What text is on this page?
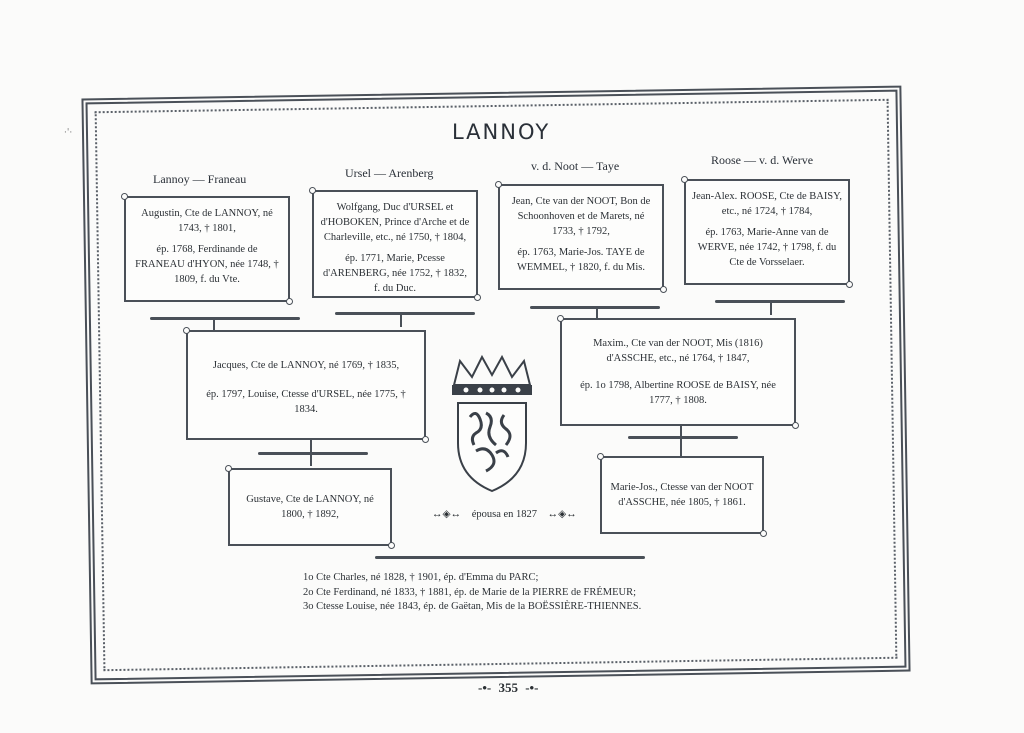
·'·	LANNOY
Lannoy — Franeau	Ursel — Arenberg	v. d. Noot — Taye	Roose — v. d. Werve

Augustin, Cte de LANNOY, né 1743, † 1801,

ép. 1768, Ferdinande de FRANEAU d'HYON, née 1748, † 1809, f. du Vte.

Wolfgang, Duc d'URSEL et d'HOBOKEN, Prince d'Arche et de Charleville, etc., né 1750, † 1804,

ép. 1771, Marie, Pcesse d'ARENBERG, née 1752, † 1832, f. du Duc.

Jean, Cte van der NOOT, Bon de Schoonhoven et de Marets, né 1733, † 1792,

ép. 1763, Marie-Jos. TAYE de WEMMEL, † 1820, f. du Mis.

Jean-Alex. ROOSE, Cte de BAISY, etc., né 1724, † 1784,

ép. 1763, Marie-Anne van de WERVE, née 1742, † 1798, f. du Cte de Vorsselaer.

Jacques, Cte de LANNOY, né 1769, † 1835,

ép. 1797, Louise, Ctesse d'URSEL, née 1775, † 1834.

Maxim., Cte van der NOOT, Mis (1816) d'ASSCHE, etc., né 1764, † 1847,

ép. 1o 1798, Albertine ROOSE de BAISY, née 1777, † 1808.

Gustave, Cte de LANNOY, né 1800, † 1892,

Marie-Jos., Ctesse van der NOOT d'ASSCHE, née 1805, † 1861.

↔◈↔ épousa en 1827 ↔◈↔
1o Cte Charles, né 1828, † 1901, ép. d'Emma du PARC;
2o Cte Ferdinand, né 1833, † 1881, ép. de Marie de la PIERRE de FRÉMEUR;
3o Ctesse Louise, née 1843, ép. de Gaëtan, Mis de la BOËSSIÈRE-THIENNES.
-•- 355 -•-
